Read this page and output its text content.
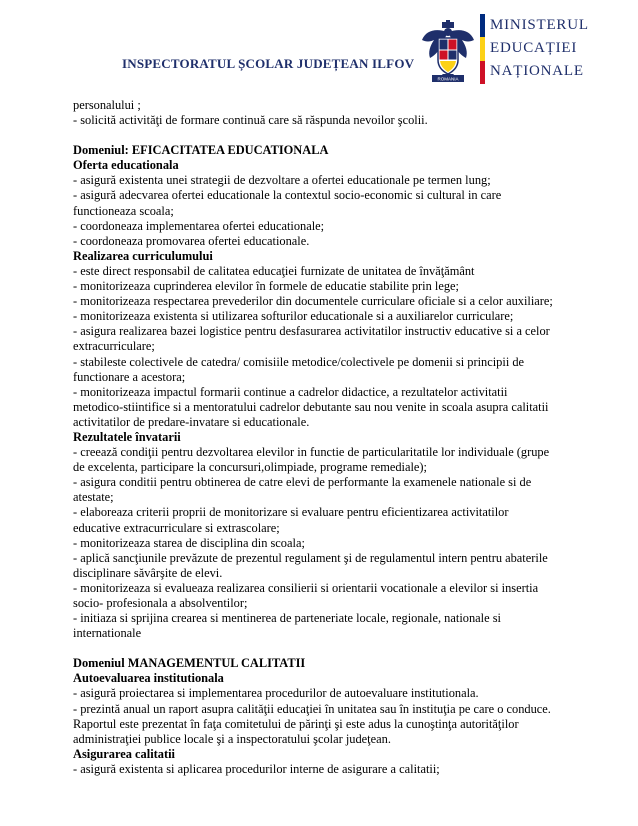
INSPECTORATUL ȘCOLAR JUDEȚEAN ILFOV
ROMANIA
MINISTERUL
EDUCAȚIEI
NAȚIONALE

personalului ;

- solicită activităţi de formare continuă care să răspunda nevoilor şcolii.

Domeniul: EFICACITATEA EDUCATIONALA

Oferta educationala

- asigură existenta unei strategii de dezvoltare a ofertei educationale pe termen lung;

- asigură adecvarea ofertei educationale la contextul socio-economic si cultural in care

functioneaza scoala;

- coordoneaza implementarea ofertei educationale;

- coordoneaza promovarea ofertei educationale.

Realizarea curriculumului

- este direct responsabil de calitatea educaţiei furnizate de unitatea de învăţământ

- monitorizeaza cuprinderea elevilor în formele de educatie stabilite prin lege;

- monitorizeaza respectarea prevederilor din documentele curriculare oficiale si a celor auxiliare;

- monitorizeaza existenta si utilizarea softurilor educationale si a auxiliarelor curriculare;

- asigura realizarea bazei logistice pentru desfasurarea activitatilor instructiv educative si a celor

extracurriculare;

- stabileste colectivele de catedra/ comisiile metodice/colectivele pe domenii si principii de

functionare a acestora;

- monitorizeaza impactul formarii continue a cadrelor didactice, a rezultatelor activitatii

metodico-stiintifice si a mentoratului cadrelor debutante sau nou venite in scoala asupra calitatii

activitatilor de predare-invatare si educationale.

Rezultatele învatarii

- creează condiţii pentru dezvoltarea elevilor in functie de particularitatile lor individuale (grupe

de excelenta, participare la concursuri,olimpiade, programe remediale);

- asigura conditii pentru obtinerea de catre elevi de performante la examenele nationale si de

atestate;

- elaboreaza criterii proprii de monitorizare si evaluare pentru eficientizarea activitatilor

educative extracurriculare si extrascolare;

- monitorizeaza starea de disciplina din scoala;

- aplică sancţiunile prevăzute de prezentul regulament şi de regulamentul intern pentru abaterile

disciplinare săvârşite de elevi.

- monitorizeaza si evalueaza realizarea consilierii si orientarii vocationale a elevilor si insertia

socio- profesionala a absolventilor;

- initiaza si sprijina crearea si mentinerea de parteneriate locale, regionale, nationale si

internationale

Domeniul MANAGEMENTUL CALITATII

Autoevaluarea institutionala

- asigură proiectarea si implementarea procedurilor de autoevaluare institutionala.

- prezintă anual un raport asupra calităţii educaţiei în unitatea sau în instituţia pe care o conduce.

Raportul este prezentat în faţa comitetului de părinţi şi este adus la cunoştinţa autorităţilor

administraţiei publice locale şi a inspectoratului şcolar judeţean.

Asigurarea calitatii

- asigură existenta si aplicarea procedurilor interne de asigurare a calitatii;
